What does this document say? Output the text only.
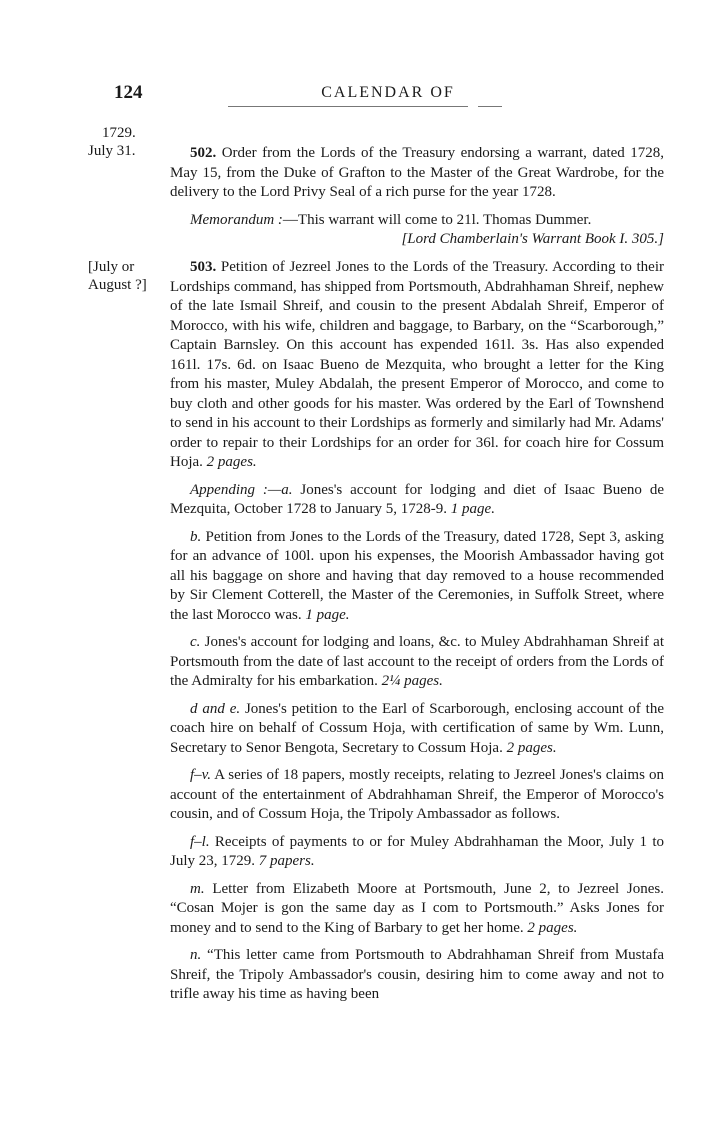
124	CALENDAR OF
1729.
July 31.	502. Order from the Lords of the Treasury endorsing a warrant, dated 1728, May 15, from the Duke of Grafton to the Master of the Great Wardrobe, for the delivery to the Lord Privy Seal of a rich purse for the year 1728.

Memorandum :—This warrant will come to 21l. Thomas Dummer.
[Lord Chamberlain's Warrant Book I. 305.]

[July or
August ?]

503. Petition of Jezreel Jones to the Lords of the Treasury. According to their Lordships command, has shipped from Portsmouth, Abdrahhaman Shreif, nephew of the late Ismail Shreif, and cousin to the present Abdalah Shreif, Emperor of Morocco, with his wife, children and baggage, to Barbary, on the “Scarborough,” Captain Barnsley. On this account has expended 161l. 3s. Has also expended 161l. 17s. 6d. on Isaac Bueno de Mezquita, who brought a letter for the King from his master, Muley Abdalah, the present Emperor of Morocco, and come to buy cloth and other goods for his master. Was ordered by the Earl of Townshend to send in his account to their Lordships as formerly and similarly had Mr. Adams' order to repair to their Lordships for an order for 36l. for coach hire for Cossum Hoja. 2 pages.

Appending :—a. Jones's account for lodging and diet of Isaac Bueno de Mezquita, October 1728 to January 5, 1728-9. 1 page.

b. Petition from Jones to the Lords of the Treasury, dated 1728, Sept 3, asking for an advance of 100l. upon his expenses, the Moorish Ambassador having got all his baggage on shore and having that day removed to a house recommended by Sir Clement Cotterell, the Master of the Ceremonies, in Suffolk Street, where the last Morocco was. 1 page.

c. Jones's account for lodging and loans, &c. to Muley Abdrahhaman Shreif at Portsmouth from the date of last account to the receipt of orders from the Lords of the Admiralty for his embarkation. 2¼ pages.

d and e. Jones's petition to the Earl of Scarborough, enclosing account of the coach hire on behalf of Cossum Hoja, with certification of same by Wm. Lunn, Secretary to Senor Bengota, Secretary to Cossum Hoja. 2 pages.

f–v. A series of 18 papers, mostly receipts, relating to Jezreel Jones's claims on account of the entertainment of Abdrahhaman Shreif, the Emperor of Morocco's cousin, and of Cossum Hoja, the Tripoly Ambassador as follows.

f–l. Receipts of payments to or for Muley Abdrahhaman the Moor, July 1 to July 23, 1729. 7 papers.

m. Letter from Elizabeth Moore at Portsmouth, June 2, to Jezreel Jones. “Cosan Mojer is gon the same day as I com to Portsmouth.” Asks Jones for money and to send to the King of Barbary to get her home. 2 pages.

n. “This letter came from Portsmouth to Abdrahhaman Shreif from Mustafa Shreif, the Tripoly Ambassador's cousin, desiring him to come away and not to trifle away his time as having been
